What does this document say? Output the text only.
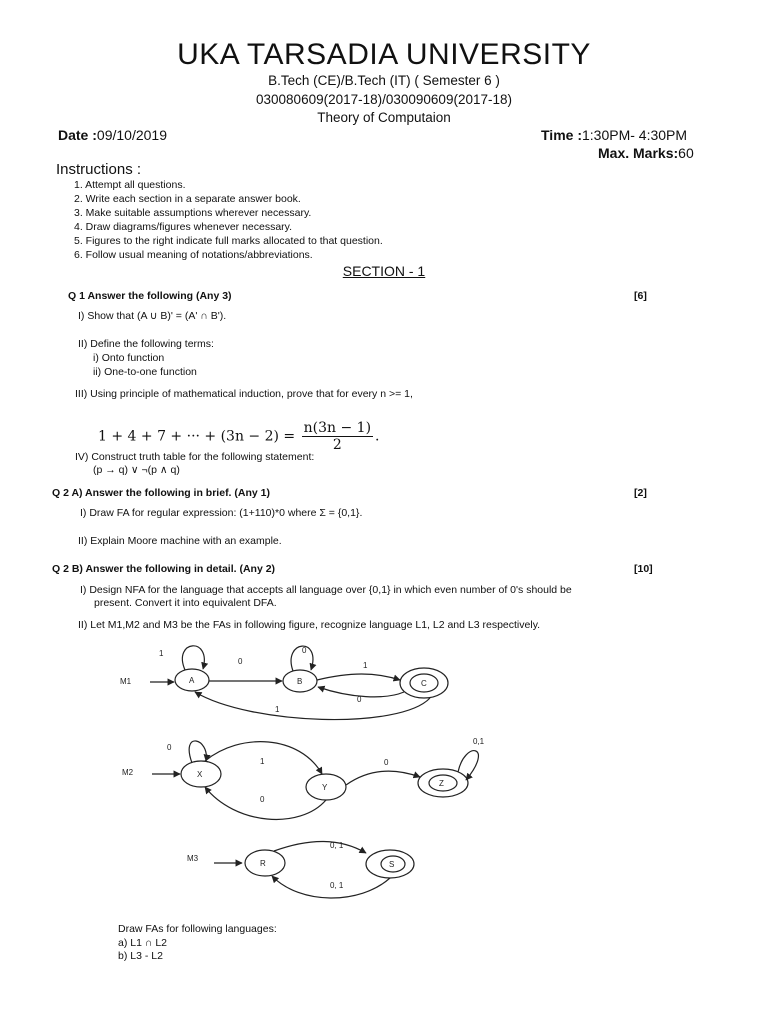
UKA TARSADIA UNIVERSITY
B.Tech (CE)/B.Tech (IT) ( Semester 6 )
030080609(2017-18)/030090609(2017-18)
Theory of Computaion
Date :09/10/2019	Time :1:30PM- 4:30PM
Max. Marks:60
Instructions :
1. Attempt all questions.
2. Write each section in a separate answer book.
3. Make suitable assumptions wherever necessary.
4. Draw diagrams/figures whenever necessary.
5. Figures to the right indicate full marks allocated to that question.
6. Follow usual meaning of notations/abbreviations.
SECTION - 1
Q 1 Answer the following (Any 3)	[6]
I) Show that (A ∪ B)' = (A' ∩ B').
II) Define the following terms:
i) Onto function
ii) One-to-one function
III) Using principle of mathematical induction, prove that for every n >= 1,
1 + 4 + 7 + ··· + $(3n - 2) = \frac{n(3n - 1)}{2}$ .
IV) Construct truth table for the following statement:
(p → q) ∨ ¬(p ∧ q)
Q 2 A) Answer the following in brief. (Any 1)	[2]
I) Draw FA for regular expression: (1+110)*0 where Σ = {0,1}.
II) Explain Moore machine with an example.
Q 2 B) Answer the following in detail. (Any 2)	[10]
I) Design NFA for the language that accepts all language over {0,1} in which even number of 0's should be
present. Convert it into equivalent DFA.
II) Let M1,M2 and M3 be the FAs in following figure, recognize language L1, L2 and L3 respectively.
M1	A	B	C
1	0
0	1
0
1
M2	X
Y	Z
0
0,1
1
0
0
M3
R	S
0, 1
0, 1
Draw FAs for following languages:
a) L1 ∩ L2
b) L3 - L2
